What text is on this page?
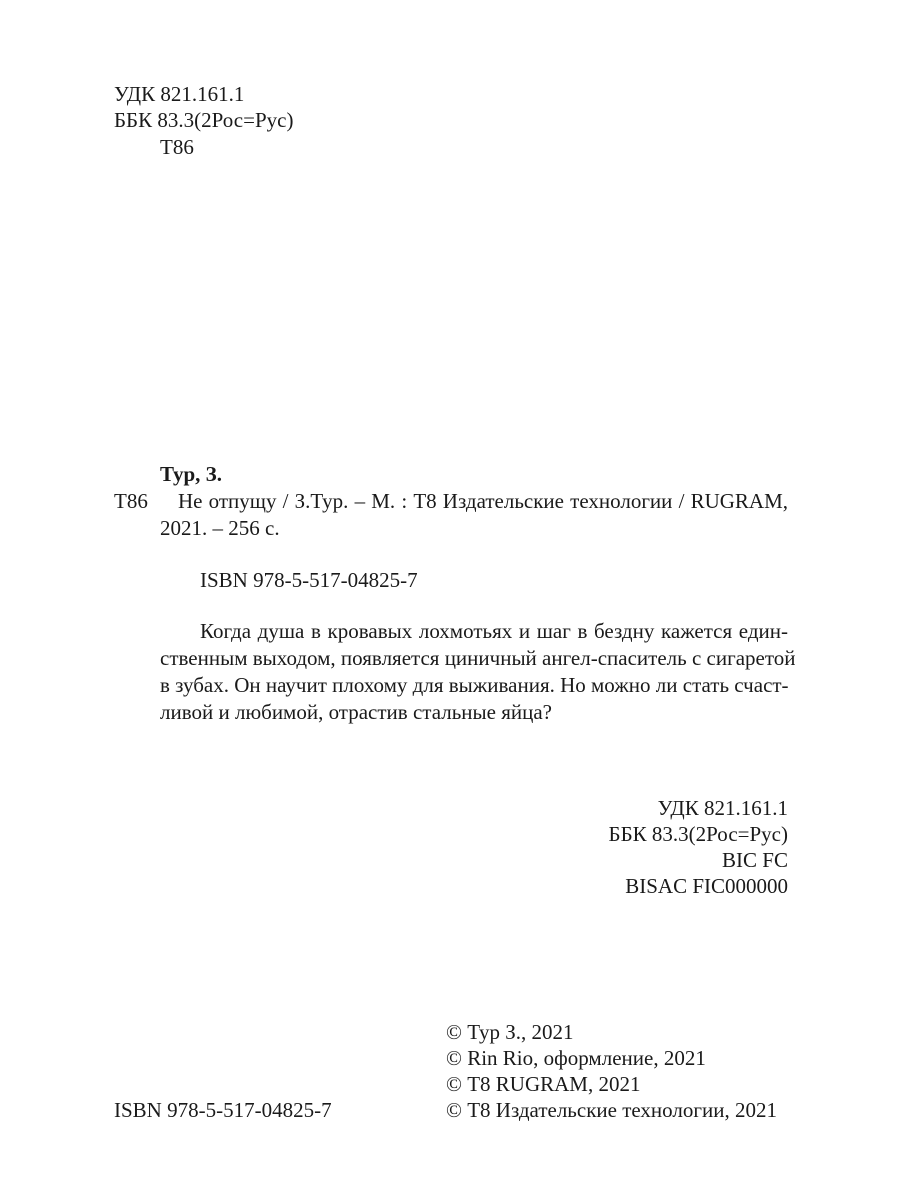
УДК 821.161.1
ББК 83.3(2Рос=Рус)
Т86
Тур, З.
Т86 Не отпущу / З.Тур. – М. : Т8 Издательские технологии / RUGRAM,
2021. – 256 с.
ISBN 978-5-517-04825-7
Когда душа в кровавых лохмотьях и шаг в бездну кажется един-
ственным выходом, появляется циничный ангел-спаситель с сигаретой
в зубах. Он научит плохому для выживания. Но можно ли стать счаст-
ливой и любимой, отрастив стальные яйца?
УДК 821.161.1
ББК 83.3(2Рос=Рус)
BIC FC
BISAC FIC000000
© Тур З., 2021
© Rin Rio, оформление, 2021
© Т8 RUGRAM, 2021
ISBN 978-5-517-04825-7	© Т8 Издательские технологии, 2021
